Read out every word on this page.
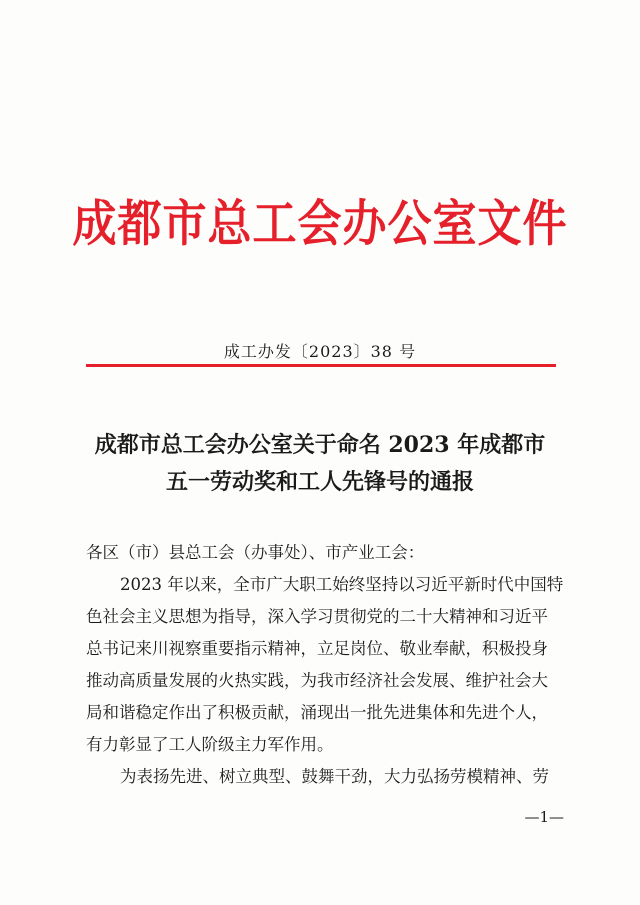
成都市总工会办公室文件
成工办发〔2023〕38 号
成都市总工会办公室关于命名 2023 年成都市
五一劳动奖和工人先锋号的通报
各区（市）县总工会（办事处）、市产业工会：
2023 年以来，全市广大职工始终坚持以习近平新时代中国特
色社会主义思想为指导，深入学习贯彻党的二十大精神和习近平
总书记来川视察重要指示精神，立足岗位、敬业奉献，积极投身
推动高质量发展的火热实践，为我市经济社会发展、维护社会大
局和谐稳定作出了积极贡献，涌现出一批先进集体和先进个人，
有力彰显了工人阶级主力军作用。
为表扬先进、树立典型、鼓舞干劲，大力弘扬劳模精神、劳
—1—
